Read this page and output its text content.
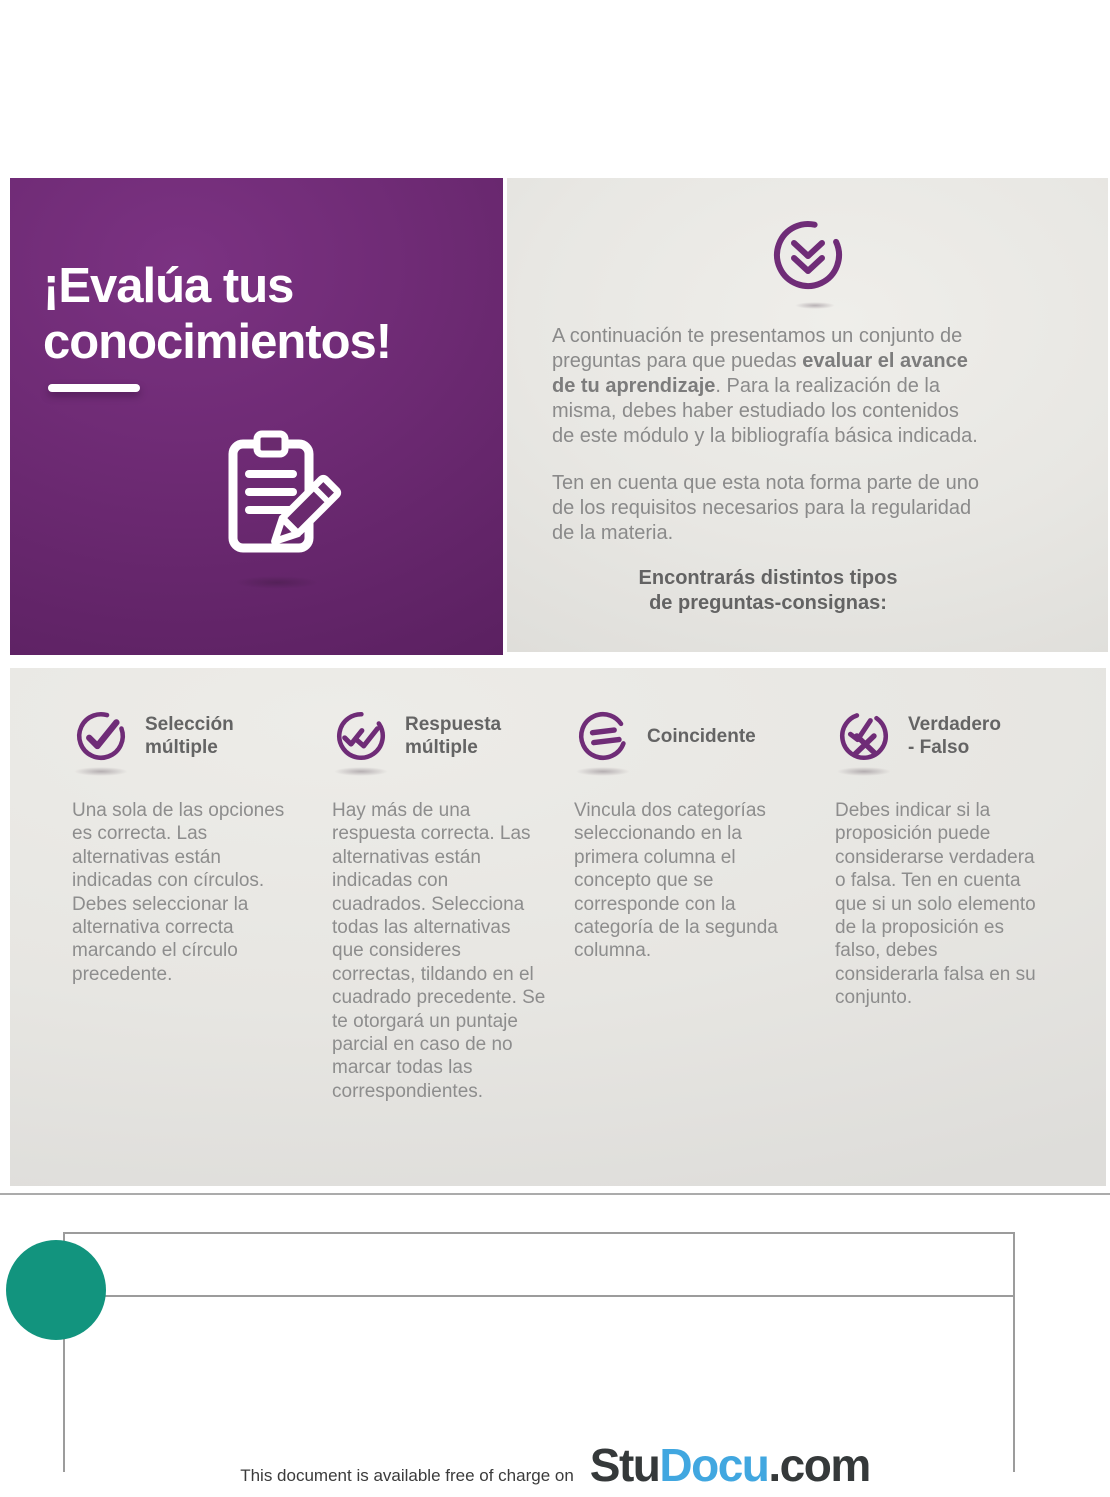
¡Evalúa tus
conocimientos!	A continuación te presentamos un conjunto de preguntas para que puedas evaluar el avance de tu aprendizaje. Para la realización de la misma, debes haber estudiado los contenidos de este módulo y la bibliografía básica indicada.

Ten en cuenta que esta nota forma parte de uno de los requisitos necesarios para la regularidad de la materia.

Encontrarás distintos tipos
de preguntas-consignas:
Selección múltiple

Una sola de las opciones es correcta. Las alternativas están indicadas con círculos. Debes seleccionar la alternativa correcta marcando el círculo precedente.

Respuesta múltiple

Hay más de una respuesta correcta. Las alternativas están indicadas con cuadrados. Selecciona todas las alternativas que consideres correctas, tildando en el cuadrado precedente. Se te otorgará un puntaje parcial en caso de no marcar todas las correspondientes.

Coincidente

Vincula dos categorías seleccionando en la primera columna el concepto que se corresponde con la categoría de la segunda columna.

Verdadero - Falso

Debes indicar si la proposición puede considerarse verdadera o falsa. Ten en cuenta que si un solo elemento de la proposición es falso, debes considerarla falsa en su conjunto.

This document is available free of charge on StuDocu.com
